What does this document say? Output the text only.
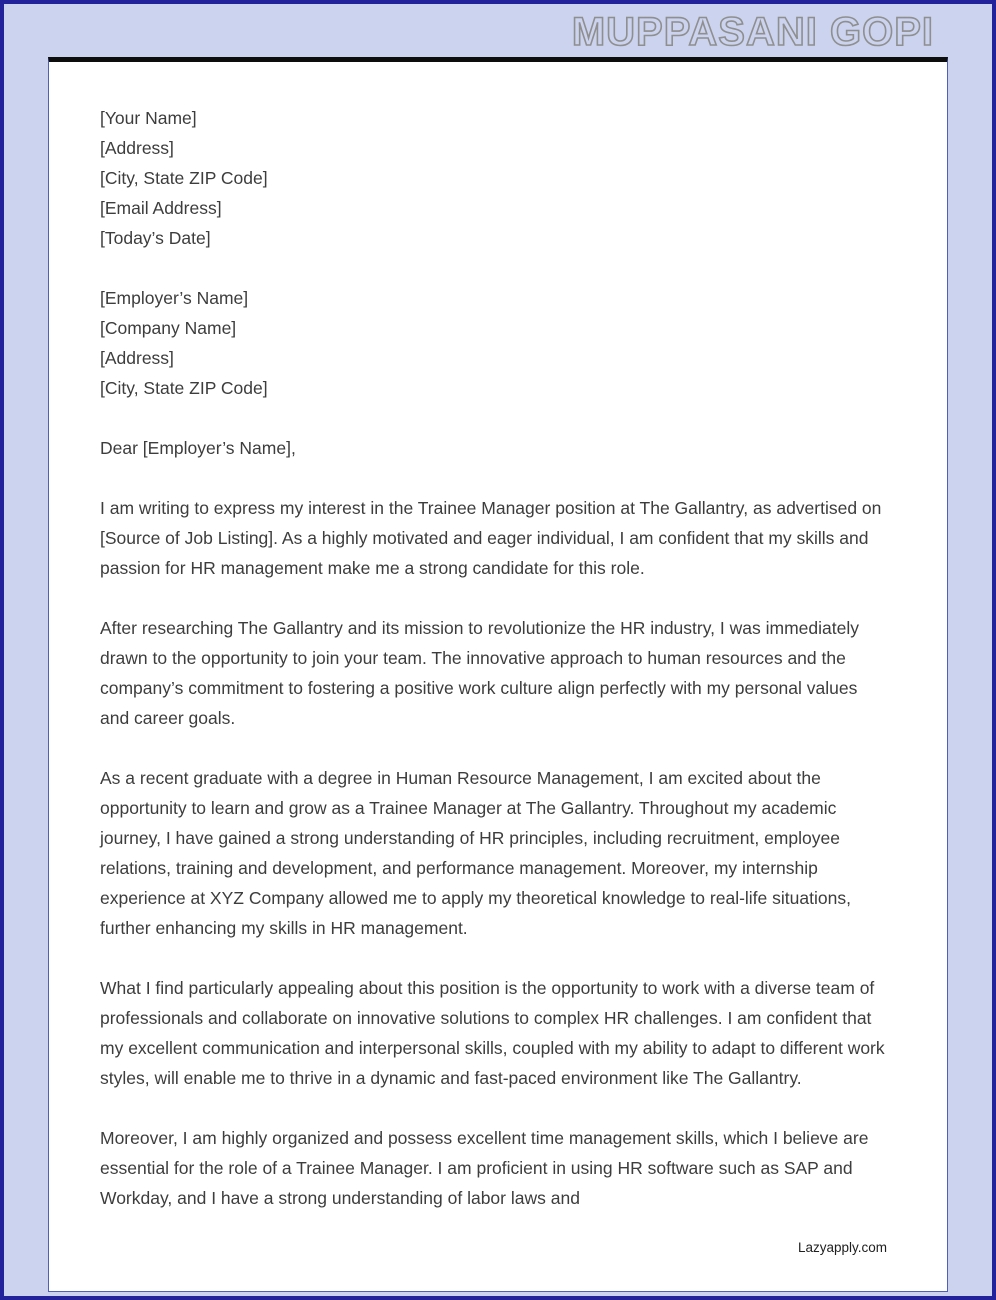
MUPPASANI GOPI
[Your Name]
[Address]
[City, State ZIP Code]
[Email Address]
[Today’s Date]
[Employer’s Name]
[Company Name]
[Address]
[City, State ZIP Code]
Dear [Employer’s Name],
I am writing to express my interest in the Trainee Manager position at The Gallantry, as advertised on [Source of Job Listing]. As a highly motivated and eager individual, I am confident that my skills and passion for HR management make me a strong candidate for this role.
After researching The Gallantry and its mission to revolutionize the HR industry, I was immediately drawn to the opportunity to join your team. The innovative approach to human resources and the company’s commitment to fostering a positive work culture align perfectly with my personal values and career goals.
As a recent graduate with a degree in Human Resource Management, I am excited about the opportunity to learn and grow as a Trainee Manager at The Gallantry. Throughout my academic journey, I have gained a strong understanding of HR principles, including recruitment, employee relations, training and development, and performance management. Moreover, my internship experience at XYZ Company allowed me to apply my theoretical knowledge to real-life situations, further enhancing my skills in HR management.
What I find particularly appealing about this position is the opportunity to work with a diverse team of professionals and collaborate on innovative solutions to complex HR challenges. I am confident that my excellent communication and interpersonal skills, coupled with my ability to adapt to different work styles, will enable me to thrive in a dynamic and fast-paced environment like The Gallantry.
Moreover, I am highly organized and possess excellent time management skills, which I believe are essential for the role of a Trainee Manager. I am proficient in using HR software such as SAP and Workday, and I have a strong understanding of labor laws and
Lazyapply.com
